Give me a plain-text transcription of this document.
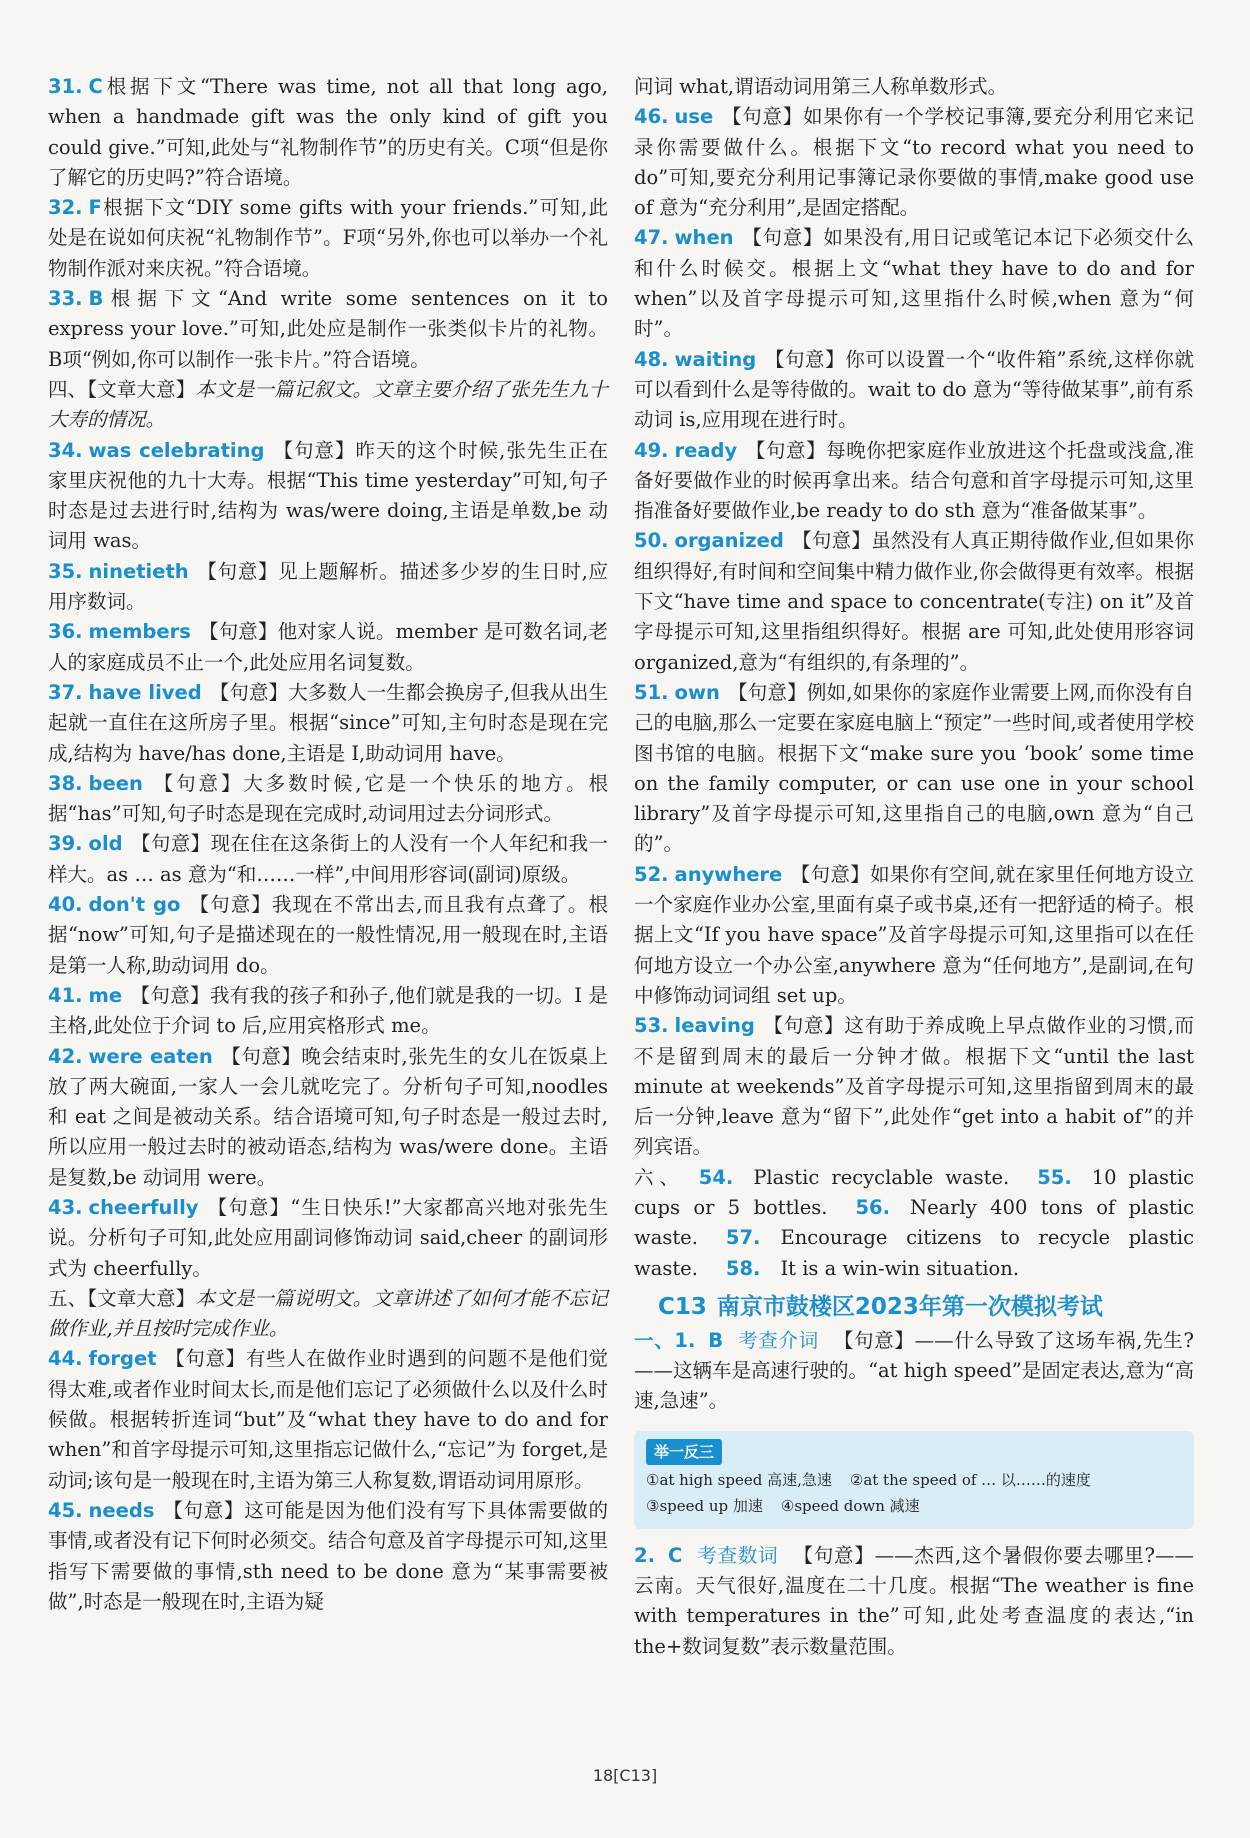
31. C根据下文“There was time, not all that long ago, when a handmade gift was the only kind of gift you could give.”可知,此处与“礼物制作节”的历史有关。C项“但是你了解它的历史吗?”符合语境。
32. F根据下文“DIY some gifts with your friends.”可知,此处是在说如何庆祝“礼物制作节”。F项“另外,你也可以举办一个礼物制作派对来庆祝。”符合语境。
33. B根据下文“And write some sentences on it to express your love.”可知,此处应是制作一张类似卡片的礼物。B项“例如,你可以制作一张卡片。”符合语境。
四、【文章大意】本文是一篇记叙文。文章主要介绍了张先生九十大寿的情况。
34. was celebrating 【句意】昨天的这个时候,张先生正在家里庆祝他的九十大寿。根据“This time yesterday”可知,句子时态是过去进行时,结构为 was/were doing,主语是单数,be 动词用 was。
35. ninetieth 【句意】见上题解析。描述多少岁的生日时,应用序数词。
36. members 【句意】他对家人说。member 是可数名词,老人的家庭成员不止一个,此处应用名词复数。
37. have lived 【句意】大多数人一生都会换房子,但我从出生起就一直住在这所房子里。根据“since”可知,主句时态是现在完成,结构为 have/has done,主语是 I,助动词用 have。
38. been 【句意】大多数时候,它是一个快乐的地方。根据“has”可知,句子时态是现在完成时,动词用过去分词形式。
39. old 【句意】现在住在这条街上的人没有一个人年纪和我一样大。as … as 意为“和……一样”,中间用形容词(副词)原级。
40. don't go 【句意】我现在不常出去,而且我有点聋了。根据“now”可知,句子是描述现在的一般性情况,用一般现在时,主语是第一人称,助动词用 do。
41. me 【句意】我有我的孩子和孙子,他们就是我的一切。I 是主格,此处位于介词 to 后,应用宾格形式 me。
42. were eaten 【句意】晚会结束时,张先生的女儿在饭桌上放了两大碗面,一家人一会儿就吃完了。分析句子可知,noodles 和 eat 之间是被动关系。结合语境可知,句子时态是一般过去时,所以应用一般过去时的被动语态,结构为 was/were done。主语是复数,be 动词用 were。
43. cheerfully 【句意】“生日快乐!”大家都高兴地对张先生说。分析句子可知,此处应用副词修饰动词 said,cheer 的副词形式为 cheerfully。
五、【文章大意】本文是一篇说明文。文章讲述了如何才能不忘记做作业,并且按时完成作业。
44. forget 【句意】有些人在做作业时遇到的问题不是他们觉得太难,或者作业时间太长,而是他们忘记了必须做什么以及什么时候做。根据转折连词“but”及“what they have to do and for when”和首字母提示可知,这里指忘记做什么,“忘记”为 forget,是动词;该句是一般现在时,主语为第三人称复数,谓语动词用原形。
45. needs 【句意】这可能是因为他们没有写下具体需要做的事情,或者没有记下何时必须交。结合句意及首字母提示可知,这里指写下需要做的事情,sth need to be done 意为“某事需要被做”,时态是一般现在时,主语为疑
问词 what,谓语动词用第三人称单数形式。
46. use 【句意】如果你有一个学校记事簿,要充分利用它来记录你需要做什么。根据下文“to record what you need to do”可知,要充分利用记事簿记录你要做的事情,make good use of 意为“充分利用”,是固定搭配。
47. when 【句意】如果没有,用日记或笔记本记下必须交什么和什么时候交。根据上文“what they have to do and for when”以及首字母提示可知,这里指什么时候,when 意为“何时”。
48. waiting 【句意】你可以设置一个“收件箱”系统,这样你就可以看到什么是等待做的。wait to do 意为“等待做某事”,前有系动词 is,应用现在进行时。
49. ready 【句意】每晚你把家庭作业放进这个托盘或浅盒,准备好要做作业的时候再拿出来。结合句意和首字母提示可知,这里指准备好要做作业,be ready to do sth 意为“准备做某事”。
50. organized 【句意】虽然没有人真正期待做作业,但如果你组织得好,有时间和空间集中精力做作业,你会做得更有效率。根据下文“have time and space to concentrate(专注) on it”及首字母提示可知,这里指组织得好。根据 are 可知,此处使用形容词 organized,意为“有组织的,有条理的”。
51. own 【句意】例如,如果你的家庭作业需要上网,而你没有自己的电脑,那么一定要在家庭电脑上“预定”一些时间,或者使用学校图书馆的电脑。根据下文“make sure you ‘book’ some time on the family computer, or can use one in your school library”及首字母提示可知,这里指自己的电脑,own 意为“自己的”。
52. anywhere 【句意】如果你有空间,就在家里任何地方设立一个家庭作业办公室,里面有桌子或书桌,还有一把舒适的椅子。根据上文“If you have space”及首字母提示可知,这里指可以在任何地方设立一个办公室,anywhere 意为“任何地方”,是副词,在句中修饰动词词组 set up。
53. leaving 【句意】这有助于养成晚上早点做作业的习惯,而不是留到周末的最后一分钟才做。根据下文“until the last minute at weekends”及首字母提示可知,这里指留到周末的最后一分钟,leave 意为“留下”,此处作“get into a habit of”的并列宾语。
六、 54. Plastic recyclable waste. 55. 10 plastic cups or 5 bottles. 56. Nearly 400 tons of plastic waste. 57. Encourage citizens to recycle plastic waste. 58. It is a win-win situation.
C13 南京市鼓楼区2023年第一次模拟考试
一、1. B 考查介词 【句意】——什么导致了这场车祸,先生?——这辆车是高速行驶的。“at high speed”是固定表达,意为“高速,急速”。
举一反三
①at high speed 高速,急速 ②at the speed of … 以……的速度
③speed up 加速 ④speed down 减速
2. C 考查数词 【句意】——杰西,这个暑假你要去哪里?——云南。天气很好,温度在二十几度。根据“The weather is fine with temperatures in the”可知,此处考查温度的表达,“in the+数词复数”表示数量范围。
18[C13]
